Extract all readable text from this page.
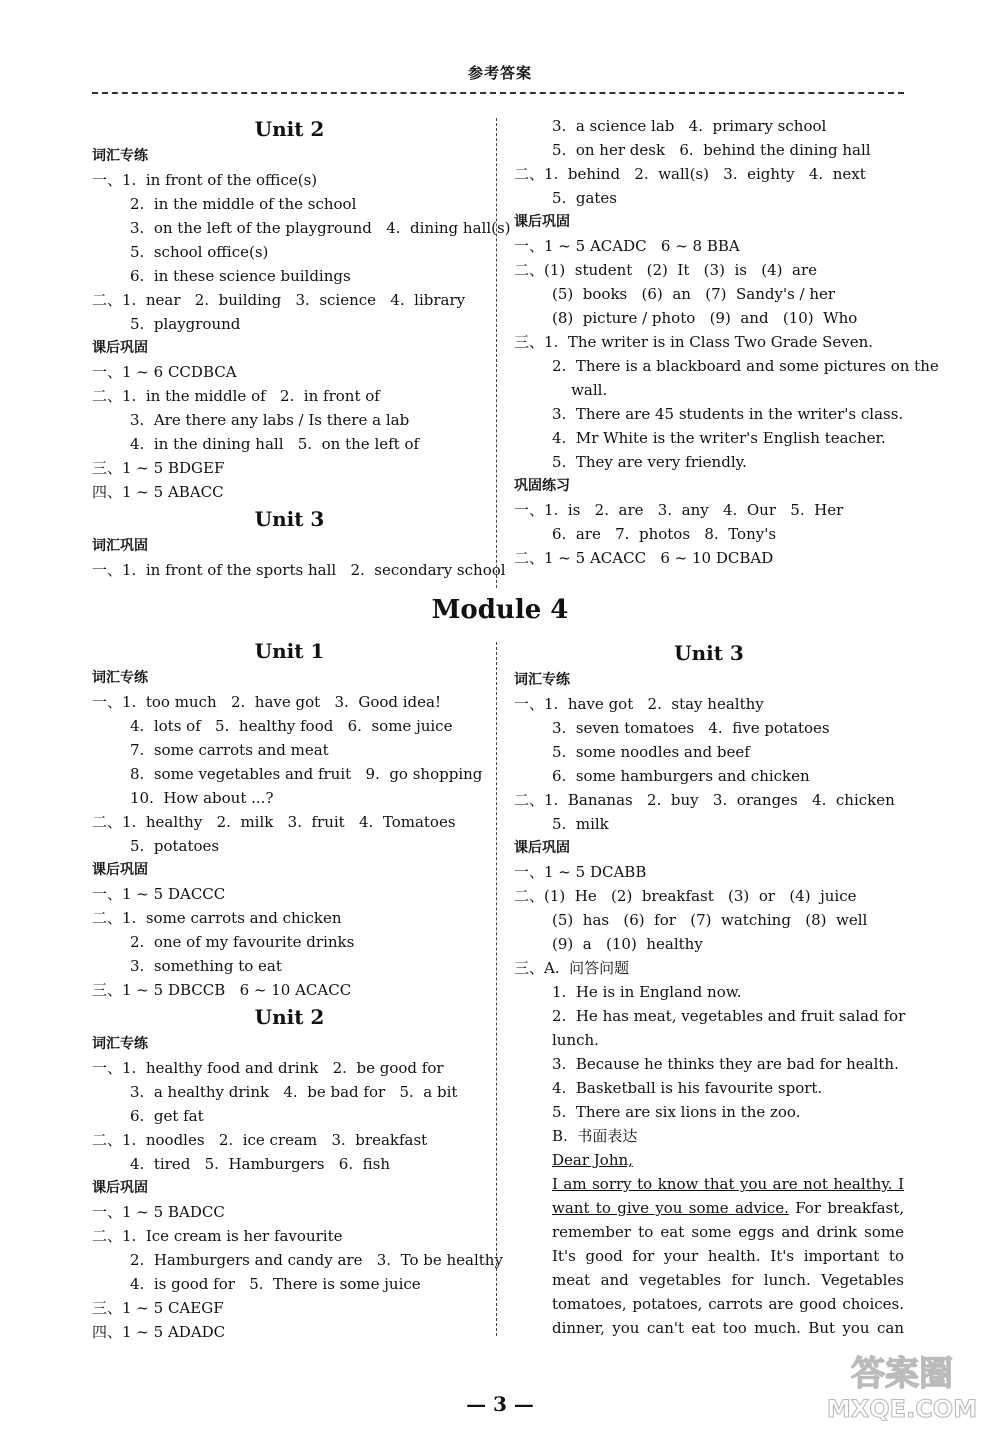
参考答案
Unit 2
词汇专练
一、1.  in front of the office(s)
2.  in the middle of the school
3.  on the left of the playground   4.  dining hall(s)
5.  school office(s)
6.  in these science buildings
二、1.  near   2.  building   3.  science   4.  library
5.  playground
课后巩固
一、1 ~ 6 CCDBCA
二、1.  in the middle of   2.  in front of
3.  Are there any labs / Is there a lab
4.  in the dining hall   5.  on the left of
三、1 ~ 5 BDGEF
四、1 ~ 5 ABACC
Unit 3
词汇巩固
一、1.  in front of the sports hall   2.  secondary school
3.  a science lab   4.  primary school
5.  on her desk   6.  behind the dining hall
二、1.  behind   2.  wall(s)   3.  eighty   4.  next
5.  gates
课后巩固
一、1 ~ 5 ACADC   6 ~ 8 BBA
二、(1)  student   (2)  It   (3)  is   (4)  are
(5)  books   (6)  an   (7)  Sandy's / her
(8)  picture / photo   (9)  and   (10)  Who
三、1.  The writer is in Class Two Grade Seven.
2.  There is a blackboard and some pictures on the
wall.
3.  There are 45 students in the writer's class.
4.  Mr White is the writer's English teacher.
5.  They are very friendly.
巩固练习
一、1.  is   2.  are   3.  any   4.  Our   5.  Her
6.  are   7.  photos   8.  Tony's
二、1 ~ 5 ACACC   6 ~ 10 DCBAD
Module 4
Unit 1
词汇专练
一、1.  too much   2.  have got   3.  Good idea!
4.  lots of   5.  healthy food   6.  some juice
7.  some carrots and meat
8.  some vegetables and fruit   9.  go shopping
10.  How about ...?
二、1.  healthy   2.  milk   3.  fruit   4.  Tomatoes
5.  potatoes
课后巩固
一、1 ~ 5 DACCC
二、1.  some carrots and chicken
2.  one of my favourite drinks
3.  something to eat
三、1 ~ 5 DBCCB   6 ~ 10 ACACC
Unit 2
词汇专练
一、1.  healthy food and drink   2.  be good for
3.  a healthy drink   4.  be bad for   5.  a bit
6.  get fat
二、1.  noodles   2.  ice cream   3.  breakfast
4.  tired   5.  Hamburgers   6.  fish
课后巩固
一、1 ~ 5 BADCC
二、1.  Ice cream is her favourite
2.  Hamburgers and candy are   3.  To be healthy
4.  is good for   5.  There is some juice
三、1 ~ 5 CAEGF
四、1 ~ 5 ADADC
Unit 3
词汇专练
一、1.  have got   2.  stay healthy
3.  seven tomatoes   4.  five potatoes
5.  some noodles and beef
6.  some hamburgers and chicken
二、1.  Bananas   2.  buy   3.  oranges   4.  chicken
5.  milk
课后巩固
一、1 ~ 5 DCABB
二、(1)  He   (2)  breakfast   (3)  or   (4)  juice
(5)  has   (6)  for   (7)  watching   (8)  well
(9)  a   (10)  healthy
三、A.  问答问题
1.  He is in England now.
2.  He has meat, vegetables and fruit salad for
lunch.
3.  Because he thinks they are bad for health.
4.  Basketball is his favourite sport.
5.  There are six lions in the zoo.
B.  书面表达
Dear John,
I am sorry to know that you are not healthy. I
want to give you some advice. For breakfast,
remember to eat some eggs and drink some
It's good for your health. It's important to
meat and vegetables for lunch. Vegetables
tomatoes, potatoes, carrots are good choices.
dinner, you can't eat too much. But you can
— 3 —
答案圈
MXQE.COM
